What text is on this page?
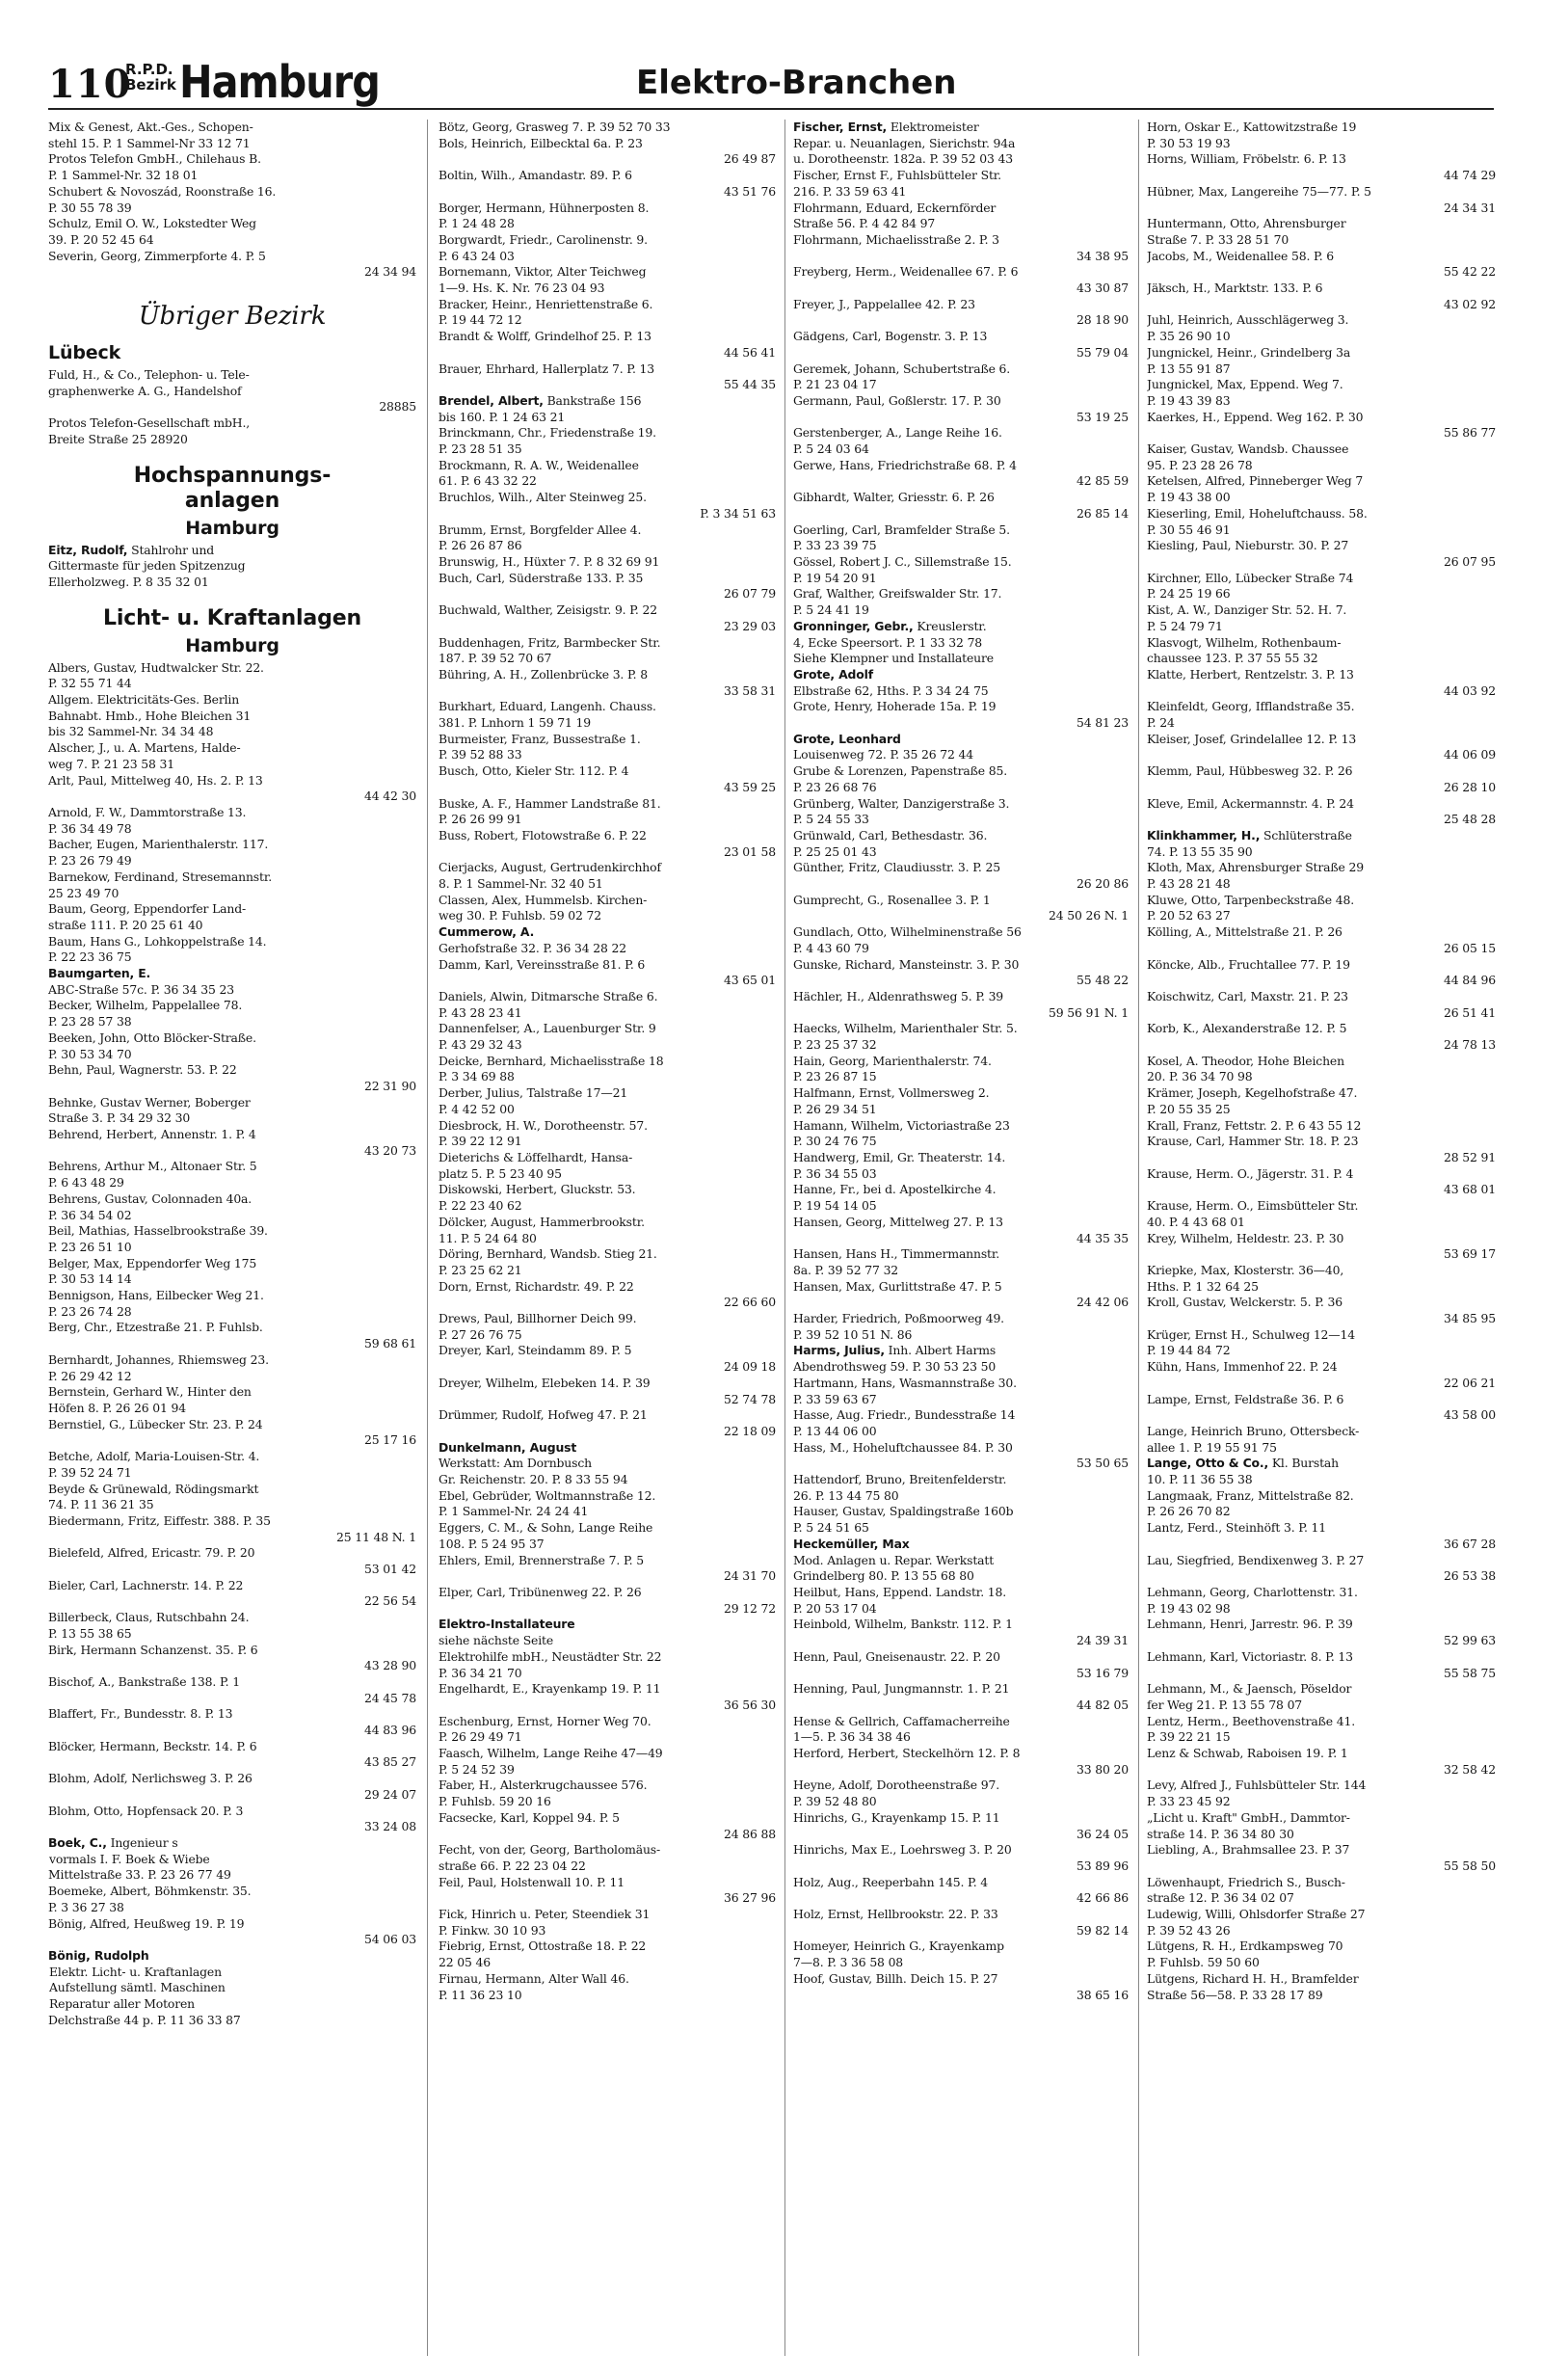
110
R.P.D.
Bezirk Hamburg	Elektro-Branchen
Mix & Genest, Akt.-Ges., Schopen-
stehl 15. P. 1 Sammel-Nr 33 12 71
Protos Telefon GmbH., Chilehaus B.
P. 1 Sammel-Nr. 32 18 01
Schubert & Novoszád, Roonstraße 16.
P. 30 55 78 39
Schulz, Emil O. W., Lokstedter Weg
39. P. 20 52 45 64
Severin, Georg, Zimmerpforte 4. P. 5
24 34 94
Übriger Bezirk
Lübeck
Fuld, H., & Co., Telephon- u. Tele-
graphenwerke A. G., Handelshof
28885
Protos Telefon-Gesellschaft mbH.,
Breite Straße 25 28920
Hochspannungs-
anlagen
Hamburg
Eitz, Rudolf, Stahlrohr und
Gittermaste für jeden Spitzenzug
Ellerholzweg. P. 8 35 32 01
Licht- u. Kraftanlagen
Hamburg
Albers, Gustav, Hudtwalcker Str. 22.
P. 32 55 71 44
Allgem. Elektricitäts-Ges. Berlin
Bahnabt. Hmb., Hohe Bleichen 31
bis 32 Sammel-Nr. 34 34 48
Alscher, J., u. A. Martens, Halde-
weg 7. P. 21 23 58 31
Arlt, Paul, Mittelweg 40, Hs. 2. P. 13
44 42 30
Arnold, F. W., Dammtorstraße 13.
P. 36 34 49 78
Bacher, Eugen, Marienthalerstr. 117.
P. 23 26 79 49
Barnekow, Ferdinand, Stresemannstr.
25 23 49 70
Baum, Georg, Eppendorfer Land-
straße 111. P. 20 25 61 40
Baum, Hans G., Lohkoppelstraße 14.
P. 22 23 36 75
Baumgarten, E.
ABC-Straße 57c. P. 36 34 35 23
Becker, Wilhelm, Pappelallee 78.
P. 23 28 57 38
Beeken, John, Otto Blöcker-Straße.
P. 30 53 34 70
Behn, Paul, Wagnerstr. 53. P. 22
22 31 90
Behnke, Gustav Werner, Boberger
Straße 3. P. 34 29 32 30
Behrend, Herbert, Annenstr. 1. P. 4
43 20 73
Behrens, Arthur M., Altonaer Str. 5
P. 6 43 48 29
Behrens, Gustav, Colonnaden 40a.
P. 36 34 54 02
Beil, Mathias, Hasselbrookstraße 39.
P. 23 26 51 10
Belger, Max, Eppendorfer Weg 175
P. 30 53 14 14
Bennigson, Hans, Eilbecker Weg 21.
P. 23 26 74 28
Berg, Chr., Etzestraße 21. P. Fuhlsb.
59 68 61
Bernhardt, Johannes, Rhiemsweg 23.
P. 26 29 42 12
Bernstein, Gerhard W., Hinter den
Höfen 8. P. 26 26 01 94
Bernstiel, G., Lübecker Str. 23. P. 24
25 17 16
Betche, Adolf, Maria-Louisen-Str. 4.
P. 39 52 24 71
Beyde & Grünewald, Rödingsmarkt
74. P. 11 36 21 35
Biedermann, Fritz, Eiffestr. 388. P. 35
25 11 48 N. 1
Bielefeld, Alfred, Ericastr. 79. P. 20
53 01 42
Bieler, Carl, Lachnerstr. 14. P. 22
22 56 54
Billerbeck, Claus, Rutschbahn 24.
P. 13 55 38 65
Birk, Hermann Schanzenst. 35. P. 6
43 28 90
Bischof, A., Bankstraße 138. P. 1
24 45 78
Blaffert, Fr., Bundesstr. 8. P. 13
44 83 96
Blöcker, Hermann, Beckstr. 14. P. 6
43 85 27
Blohm, Adolf, Nerlichsweg 3. P. 26
29 24 07
Blohm, Otto, Hopfensack 20. P. 3
33 24 08
Boek, C., Ingenieur s
vormals I. F. Boek & Wiebe
Mittelstraße 33. P. 23 26 77 49
Boemeke, Albert, Böhmkenstr. 35.
P. 3 36 27 38
Bönig, Alfred, Heußweg 19. P. 19
54 06 03
Bönig, Rudolph
Elektr. Licht- u. Kraftanlagen
Aufstellung sämtl. Maschinen
Reparatur aller Motoren
Delchstraße 44 p. P. 11 36 33 87
Bötz, Georg, Grasweg 7. P. 39 52 70 33
Bols, Heinrich, Eilbecktal 6a. P. 23
26 49 87
Boltin, Wilh., Amandastr. 89. P. 6
43 51 76
Borger, Hermann, Hühnerposten 8.
P. 1 24 48 28
Borgwardt, Friedr., Carolinenstr. 9.
P. 6 43 24 03
Bornemann, Viktor, Alter Teichweg
1—9. Hs. K. Nr. 76 23 04 93
Bracker, Heinr., Henriettenstraße 6.
P. 19 44 72 12
Brandt & Wolff, Grindelhof 25. P. 13
44 56 41
Brauer, Ehrhard, Hallerplatz 7. P. 13
55 44 35
Brendel, Albert, Bankstraße 156
bis 160. P. 1 24 63 21
Brinckmann, Chr., Friedenstraße 19.
P. 23 28 51 35
Brockmann, R. A. W., Weidenallee
61. P. 6 43 32 22
Bruchlos, Wilh., Alter Steinweg 25.
P. 3 34 51 63
Brumm, Ernst, Borgfelder Allee 4.
P. 26 26 87 86
Brunswig, H., Hüxter 7. P. 8 32 69 91
Buch, Carl, Süderstraße 133. P. 35
26 07 79
Buchwald, Walther, Zeisigstr. 9. P. 22
23 29 03
Buddenhagen, Fritz, Barmbecker Str.
187. P. 39 52 70 67
Bühring, A. H., Zollenbrücke 3. P. 8
33 58 31
Burkhart, Eduard, Langenh. Chauss.
381. P. Lnhorn 1 59 71 19
Burmeister, Franz, Bussestraße 1.
P. 39 52 88 33
Busch, Otto, Kieler Str. 112. P. 4
43 59 25
Buske, A. F., Hammer Landstraße 81.
P. 26 26 99 91
Buss, Robert, Flotowstraße 6. P. 22
23 01 58
Cierjacks, August, Gertrudenkirchhof
8. P. 1 Sammel-Nr. 32 40 51
Classen, Alex, Hummelsb. Kirchen-
weg 30. P. Fuhlsb. 59 02 72
Cummerow, A.
Gerhofstraße 32. P. 36 34 28 22
Damm, Karl, Vereinsstraße 81. P. 6
43 65 01
Daniels, Alwin, Ditmarsche Straße 6.
P. 43 28 23 41
Dannenfelser, A., Lauenburger Str. 9
P. 43 29 32 43
Deicke, Bernhard, Michaelisstraße 18
P. 3 34 69 88
Derber, Julius, Talstraße 17—21
P. 4 42 52 00
Diesbrock, H. W., Dorotheenstr. 57.
P. 39 22 12 91
Dieterichs & Löffelhardt, Hansa-
platz 5. P. 5 23 40 95
Diskowski, Herbert, Gluckstr. 53.
P. 22 23 40 62
Dölcker, August, Hammerbrookstr.
11. P. 5 24 64 80
Döring, Bernhard, Wandsb. Stieg 21.
P. 23 25 62 21
Dorn, Ernst, Richardstr. 49. P. 22
22 66 60
Drews, Paul, Billhorner Deich 99.
P. 27 26 76 75
Dreyer, Karl, Steindamm 89. P. 5
24 09 18
Dreyer, Wilhelm, Elebeken 14. P. 39
52 74 78
Drümmer, Rudolf, Hofweg 47. P. 21
22 18 09
Dunkelmann, August
Werkstatt: Am Dornbusch
Gr. Reichenstr. 20. P. 8 33 55 94
Ebel, Gebrüder, Woltmannstraße 12.
P. 1 Sammel-Nr. 24 24 41
Eggers, C. M., & Sohn, Lange Reihe
108. P. 5 24 95 37
Ehlers, Emil, Brennerstraße 7. P. 5
24 31 70
Elper, Carl, Tribünenweg 22. P. 26
29 12 72
Elektro-Installateure
siehe nächste Seite
Elektrohilfe mbH., Neustädter Str. 22
P. 36 34 21 70
Engelhardt, E., Krayenkamp 19. P. 11
36 56 30
Eschenburg, Ernst, Horner Weg 70.
P. 26 29 49 71
Faasch, Wilhelm, Lange Reihe 47—49
P. 5 24 52 39
Faber, H., Alsterkrugchaussee 576.
P. Fuhlsb. 59 20 16
Facsecke, Karl, Koppel 94. P. 5
24 86 88
Fecht, von der, Georg, Bartholomäus-
straße 66. P. 22 23 04 22
Feil, Paul, Holstenwall 10. P. 11
36 27 96
Fick, Hinrich u. Peter, Steendiek 31
P. Finkw. 30 10 93
Fiebrig, Ernst, Ottostraße 18. P. 22
22 05 46
Firnau, Hermann, Alter Wall 46.
P. 11 36 23 10
Fischer, Ernst, Elektromeister
Repar. u. Neuanlagen, Sierichstr. 94a
u. Dorotheenstr. 182a. P. 39 52 03 43
Fischer, Ernst F., Fuhlsbütteler Str.
216. P. 33 59 63 41
Flohrmann, Eduard, Eckernförder
Straße 56. P. 4 42 84 97
Flohrmann, Michaelisstraße 2. P. 3
34 38 95
Freyberg, Herm., Weidenallee 67. P. 6
43 30 87
Freyer, J., Pappelallee 42. P. 23
28 18 90
Gädgens, Carl, Bogenstr. 3. P. 13
55 79 04
Geremek, Johann, Schubertstraße 6.
P. 21 23 04 17
Germann, Paul, Goßlerstr. 17. P. 30
53 19 25
Gerstenberger, A., Lange Reihe 16.
P. 5 24 03 64
Gerwe, Hans, Friedrichstraße 68. P. 4
42 85 59
Gibhardt, Walter, Griesstr. 6. P. 26
26 85 14
Goerling, Carl, Bramfelder Straße 5.
P. 33 23 39 75
Gössel, Robert J. C., Sillemstraße 15.
P. 19 54 20 91
Graf, Walther, Greifswalder Str. 17.
P. 5 24 41 19
Gronninger, Gebr., Kreuslerstr.
4, Ecke Speersort. P. 1 33 32 78
Siehe Klempner und Installateure
Grote, Adolf
Elbstraße 62, Hths. P. 3 34 24 75
Grote, Henry, Hoherade 15a. P. 19
54 81 23
Grote, Leonhard
Louisenweg 72. P. 35 26 72 44
Grube & Lorenzen, Papenstraße 85.
P. 23 26 68 76
Grünberg, Walter, Danzigerstraße 3.
P. 5 24 55 33
Grünwald, Carl, Bethesdastr. 36.
P. 25 25 01 43
Günther, Fritz, Claudiusstr. 3. P. 25
26 20 86
Gumprecht, G., Rosenallee 3. P. 1
24 50 26 N. 1
Gundlach, Otto, Wilhelminenstraße 56
P. 4 43 60 79
Gunske, Richard, Mansteinstr. 3. P. 30
55 48 22
Hächler, H., Aldenrathsweg 5. P. 39
59 56 91 N. 1
Haecks, Wilhelm, Marienthaler Str. 5.
P. 23 25 37 32
Hain, Georg, Marienthalerstr. 74.
P. 23 26 87 15
Halfmann, Ernst, Vollmersweg 2.
P. 26 29 34 51
Hamann, Wilhelm, Victoriastraße 23
P. 30 24 76 75
Handwerg, Emil, Gr. Theaterstr. 14.
P. 36 34 55 03
Hanne, Fr., bei d. Apostelkirche 4.
P. 19 54 14 05
Hansen, Georg, Mittelweg 27. P. 13
44 35 35
Hansen, Hans H., Timmermannstr.
8a. P. 39 52 77 32
Hansen, Max, Gurlittstraße 47. P. 5
24 42 06
Harder, Friedrich, Poßmoorweg 49.
P. 39 52 10 51 N. 86
Harms, Julius, Inh. Albert Harms
Abendrothsweg 59. P. 30 53 23 50
Hartmann, Hans, Wasmannstraße 30.
P. 33 59 63 67
Hasse, Aug. Friedr., Bundesstraße 14
P. 13 44 06 00
Hass, M., Hoheluftchaussee 84. P. 30
53 50 65
Hattendorf, Bruno, Breitenfelderstr.
26. P. 13 44 75 80
Hauser, Gustav, Spaldingstraße 160b
P. 5 24 51 65
Heckemüller, Max
Mod. Anlagen u. Repar. Werkstatt
Grindelberg 80. P. 13 55 68 80
Heilbut, Hans, Eppend. Landstr. 18.
P. 20 53 17 04
Heinbold, Wilhelm, Bankstr. 112. P. 1
24 39 31
Henn, Paul, Gneisenaustr. 22. P. 20
53 16 79
Henning, Paul, Jungmannstr. 1. P. 21
44 82 05
Hense & Gellrich, Caffamacherreihe
1—5. P. 36 34 38 46
Herford, Herbert, Steckelhörn 12. P. 8
33 80 20
Heyne, Adolf, Dorotheenstraße 97.
P. 39 52 48 80
Hinrichs, G., Krayenkamp 15. P. 11
36 24 05
Hinrichs, Max E., Loehrsweg 3. P. 20
53 89 96
Holz, Aug., Reeperbahn 145. P. 4
42 66 86
Holz, Ernst, Hellbrookstr. 22. P. 33
59 82 14
Homeyer, Heinrich G., Krayenkamp
7—8. P. 3 36 58 08
Hoof, Gustav, Billh. Deich 15. P. 27
38 65 16
Horn, Oskar E., Kattowitzstraße 19
P. 30 53 19 93
Horns, William, Fröbelstr. 6. P. 13
44 74 29
Hübner, Max, Langereihe 75—77. P. 5
24 34 31
Huntermann, Otto, Ahrensburger
Straße 7. P. 33 28 51 70
Jacobs, M., Weidenallee 58. P. 6
55 42 22
Jäksch, H., Marktstr. 133. P. 6
43 02 92
Juhl, Heinrich, Ausschlägerweg 3.
P. 35 26 90 10
Jungnickel, Heinr., Grindelberg 3a
P. 13 55 91 87
Jungnickel, Max, Eppend. Weg 7.
P. 19 43 39 83
Kaerkes, H., Eppend. Weg 162. P. 30
55 86 77
Kaiser, Gustav, Wandsb. Chaussee
95. P. 23 28 26 78
Ketelsen, Alfred, Pinneberger Weg 7
P. 19 43 38 00
Kieserling, Emil, Hoheluftchauss. 58.
P. 30 55 46 91
Kiesling, Paul, Nieburstr. 30. P. 27
26 07 95
Kirchner, Ello, Lübecker Straße 74
P. 24 25 19 66
Kist, A. W., Danziger Str. 52. H. 7.
P. 5 24 79 71
Klasvogt, Wilhelm, Rothenbaum-
chaussee 123. P. 37 55 55 32
Klatte, Herbert, Rentzelstr. 3. P. 13
44 03 92
Kleinfeldt, Georg, Ifflandstraße 35.
P. 24
Kleiser, Josef, Grindelallee 12. P. 13
44 06 09
Klemm, Paul, Hübbesweg 32. P. 26
26 28 10
Kleve, Emil, Ackermannstr. 4. P. 24
25 48 28
Klinkhammer, H., Schlüterstraße
74. P. 13 55 35 90
Kloth, Max, Ahrensburger Straße 29
P. 43 28 21 48
Kluwe, Otto, Tarpenbeckstraße 48.
P. 20 52 63 27
Kölling, A., Mittelstraße 21. P. 26
26 05 15
Köncke, Alb., Fruchtallee 77. P. 19
44 84 96
Koischwitz, Carl, Maxstr. 21. P. 23
26 51 41
Korb, K., Alexanderstraße 12. P. 5
24 78 13
Kosel, A. Theodor, Hohe Bleichen
20. P. 36 34 70 98
Krämer, Joseph, Kegelhofstraße 47.
P. 20 55 35 25
Krall, Franz, Fettstr. 2. P. 6 43 55 12
Krause, Carl, Hammer Str. 18. P. 23
28 52 91
Krause, Herm. O., Jägerstr. 31. P. 4
43 68 01
Krause, Herm. O., Eimsbütteler Str.
40. P. 4 43 68 01
Krey, Wilhelm, Heldestr. 23. P. 30
53 69 17
Kriepke, Max, Klosterstr. 36—40,
Hths. P. 1 32 64 25
Kroll, Gustav, Welckerstr. 5. P. 36
34 85 95
Krüger, Ernst H., Schulweg 12—14
P. 19 44 84 72
Kühn, Hans, Immenhof 22. P. 24
22 06 21
Lampe, Ernst, Feldstraße 36. P. 6
43 58 00
Lange, Heinrich Bruno, Ottersbeck-
allee 1. P. 19 55 91 75
Lange, Otto & Co., Kl. Burstah
10. P. 11 36 55 38
Langmaak, Franz, Mittelstraße 82.
P. 26 26 70 82
Lantz, Ferd., Steinhöft 3. P. 11
36 67 28
Lau, Siegfried, Bendixenweg 3. P. 27
26 53 38
Lehmann, Georg, Charlottenstr. 31.
P. 19 43 02 98
Lehmann, Henri, Jarrestr. 96. P. 39
52 99 63
Lehmann, Karl, Victoriastr. 8. P. 13
55 58 75
Lehmann, M., & Jaensch, Pöseldor
fer Weg 21. P. 13 55 78 07
Lentz, Herm., Beethovenstraße 41.
P. 39 22 21 15
Lenz & Schwab, Raboisen 19. P. 1
32 58 42
Levy, Alfred J., Fuhlsbütteler Str. 144
P. 33 23 45 92
„Licht u. Kraft" GmbH., Dammtor-
straße 14. P. 36 34 80 30
Liebling, A., Brahmsallee 23. P. 37
55 58 50
Löwenhaupt, Friedrich S., Busch-
straße 12. P. 36 34 02 07
Ludewig, Willi, Ohlsdorfer Straße 27
P. 39 52 43 26
Lütgens, R. H., Erdkampsweg 70
P. Fuhlsb. 59 50 60
Lütgens, Richard H. H., Bramfelder
Straße 56—58. P. 33 28 17 89
